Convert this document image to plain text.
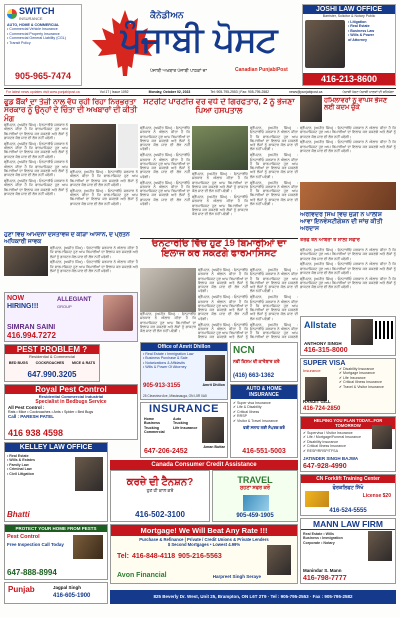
SWITCH
INSURANCE
AUTO, HOME & COMMERCIAL
• Commercial Vehicle Insurance
• Commercial Property Insurance
• Commercial General Liability (CGL)
• Transit Policy
905-965-7474
ਕੈਨੇਡੀਅਨ
ਪੰਜਾਬੀ ਪੋਸਟ
ਪੰਜਾਬੀ ਅਖ਼ਬਾਰ ਪੰਜਾਬੀ ਪਾਠਕਾਂ ਦਾ	Canadian PunjabiPost
JOSHI LAW OFFICE
Barrister, Solicitor & Notary Public
• Litigation
• Real Estate
• Business Law
• Wills & Power
of Attorney
416-213-8600
For latest news updates visit www.punjabipost.ca	Vol 17 | Issue 1092	Monday, October 02, 2023	Tel: 905-795-2553 | Fax: 905-795-2582	news@punjabipost.ca	ਪੰਜਾਬੀ ਪੋਸਟ ਪੰਜਾਬੀ ਪਾਠਕਾਂ ਦੀ ਸਹਿਯੋਗਾ
ਫੂਡ ਬੈਂਕਾਂ ਦਾ ਤੇਜ਼ੀ ਨਾਲ ਵੱਧ ਰਹੀ ਰਿਹਾ ਨਿਰਭਰਤਾ ਸਰਕਾਰ ਨੂੰ ਉਨ੍ਹਾਂ ਦੇ ਚਿੰਤਾ ਦੀ ਅਖਬਾਰਾਂ ਦੀ ਕੀਤੀ ਮੰਗ

ਬ੍ਰੈਂਪਟਨ, (ਅਜੀਤ ਸਿੰਘ) : ਓਨਟਾਰੀਓ ਸਰਕਾਰ ਨੇ ਐਲਾਨ ਕੀਤਾ ਹੈ ਕਿ ਫਾਰਮਾਸਿਸਟ ਹੁਣ ਆਮ ਬਿਮਾਰੀਆਂ ਦਾ ਇਲਾਜ ਕਰ ਸਕਣਗੇ ਅਤੇ ਲੋਕਾਂ ਨੂੰ ਡਾਕਟਰ ਕੋਲ ਜਾਣ ਦੀ ਲੋੜ ਨਹੀਂ ਪਵੇਗੀ।

ਬ੍ਰੈਂਪਟਨ, (ਅਜੀਤ ਸਿੰਘ) : ਓਨਟਾਰੀਓ ਸਰਕਾਰ ਨੇ ਐਲਾਨ ਕੀਤਾ ਹੈ ਕਿ ਫਾਰਮਾਸਿਸਟ ਹੁਣ ਆਮ ਬਿਮਾਰੀਆਂ ਦਾ ਇਲਾਜ ਕਰ ਸਕਣਗੇ ਅਤੇ ਲੋਕਾਂ ਨੂੰ ਡਾਕਟਰ ਕੋਲ ਜਾਣ ਦੀ ਲੋੜ ਨਹੀਂ ਪਵੇਗੀ।

ਬ੍ਰੈਂਪਟਨ, (ਅਜੀਤ ਸਿੰਘ) : ਓਨਟਾਰੀਓ ਸਰਕਾਰ ਨੇ ਐਲਾਨ ਕੀਤਾ ਹੈ ਕਿ ਫਾਰਮਾਸਿਸਟ ਹੁਣ ਆਮ ਬਿਮਾਰੀਆਂ ਦਾ ਇਲਾਜ ਕਰ ਸਕਣਗੇ ਅਤੇ ਲੋਕਾਂ ਨੂੰ ਡਾਕਟਰ ਕੋਲ ਜਾਣ ਦੀ ਲੋੜ ਨਹੀਂ ਪਵੇਗੀ।

ਬ੍ਰੈਂਪਟਨ, (ਅਜੀਤ ਸਿੰਘ) : ਓਨਟਾਰੀਓ ਸਰਕਾਰ ਨੇ ਐਲਾਨ ਕੀਤਾ ਹੈ ਕਿ ਫਾਰਮਾਸਿਸਟ ਹੁਣ ਆਮ ਬਿਮਾਰੀਆਂ ਦਾ ਇਲਾਜ ਕਰ ਸਕਣਗੇ ਅਤੇ ਲੋਕਾਂ ਨੂੰ ਡਾਕਟਰ ਕੋਲ ਜਾਣ ਦੀ ਲੋੜ ਨਹੀਂ ਪਵੇਗੀ।

ਬ੍ਰੈਂਪਟਨ, (ਅਜੀਤ ਸਿੰਘ) : ਓਨਟਾਰੀਓ ਸਰਕਾਰ ਨੇ ਐਲਾਨ ਕੀਤਾ ਹੈ ਕਿ ਫਾਰਮਾਸਿਸਟ ਹੁਣ ਆਮ ਬਿਮਾਰੀਆਂ ਦਾ ਇਲਾਜ ਕਰ ਸਕਣਗੇ ਅਤੇ ਲੋਕਾਂ ਨੂੰ ਡਾਕਟਰ ਕੋਲ ਜਾਣ ਦੀ ਲੋੜ ਨਹੀਂ ਪਵੇਗੀ।

ਬ੍ਰੈਂਪਟਨ, (ਅਜੀਤ ਸਿੰਘ) : ਓਨਟਾਰੀਓ ਸਰਕਾਰ ਨੇ ਐਲਾਨ ਕੀਤਾ ਹੈ ਕਿ ਫਾਰਮਾਸਿਸਟ ਹੁਣ ਆਮ ਬਿਮਾਰੀਆਂ ਦਾ ਇਲਾਜ ਕਰ ਸਕਣਗੇ ਅਤੇ ਲੋਕਾਂ ਨੂੰ ਡਾਕਟਰ ਕੋਲ ਜਾਣ ਦੀ ਲੋੜ ਨਹੀਂ ਪਵੇਗੀ।

ਹੁਣਾਂ ਵਿੱਚ ਆਮਦਨਾਂ ਦਸਤਾਵੇਜ਼ ਦੇ ਕੀੜਾ ਆਸਾਨ, ਦੇ ਪ੍ਰਤਨ ਅਧਿਕਾਰੀ ਜਾਵਕ

ਬ੍ਰੈਂਪਟਨ, (ਅਜੀਤ ਸਿੰਘ) : ਓਨਟਾਰੀਓ ਸਰਕਾਰ ਨੇ ਐਲਾਨ ਕੀਤਾ ਹੈ ਕਿ ਫਾਰਮਾਸਿਸਟ ਹੁਣ ਆਮ ਬਿਮਾਰੀਆਂ ਦਾ ਇਲਾਜ ਕਰ ਸਕਣਗੇ ਅਤੇ ਲੋਕਾਂ ਨੂੰ ਡਾਕਟਰ ਕੋਲ ਜਾਣ ਦੀ ਲੋੜ ਨਹੀਂ ਪਵੇਗੀ।

ਬ੍ਰੈਂਪਟਨ, (ਅਜੀਤ ਸਿੰਘ) : ਓਨਟਾਰੀਓ ਸਰਕਾਰ ਨੇ ਐਲਾਨ ਕੀਤਾ ਹੈ ਕਿ ਫਾਰਮਾਸਿਸਟ ਹੁਣ ਆਮ ਬਿਮਾਰੀਆਂ ਦਾ ਇਲਾਜ ਕਰ ਸਕਣਗੇ ਅਤੇ ਲੋਕਾਂ ਨੂੰ ਡਾਕਟਰ ਕੋਲ ਜਾਣ ਦੀ ਲੋੜ ਨਹੀਂ ਪਵੇਗੀ।

ਸਟਰੀਟ ਪਾਰਟੀਜ਼ ਵਰ ਵਧੇ ਦੇ ਗਿਰਫਤਾਰ, 2 ਨੂੰ ਭੇਜਣਾ ਪਿਆ ਹਸਪਤਾਲ

ਬ੍ਰੈਂਪਟਨ, (ਅਜੀਤ ਸਿੰਘ) : ਓਨਟਾਰੀਓ ਸਰਕਾਰ ਨੇ ਐਲਾਨ ਕੀਤਾ ਹੈ ਕਿ ਫਾਰਮਾਸਿਸਟ ਹੁਣ ਆਮ ਬਿਮਾਰੀਆਂ ਦਾ ਇਲਾਜ ਕਰ ਸਕਣਗੇ ਅਤੇ ਲੋਕਾਂ ਨੂੰ ਡਾਕਟਰ ਕੋਲ ਜਾਣ ਦੀ ਲੋੜ ਨਹੀਂ ਪਵੇਗੀ।

ਬ੍ਰੈਂਪਟਨ, (ਅਜੀਤ ਸਿੰਘ) : ਓਨਟਾਰੀਓ ਸਰਕਾਰ ਨੇ ਐਲਾਨ ਕੀਤਾ ਹੈ ਕਿ ਫਾਰਮਾਸਿਸਟ ਹੁਣ ਆਮ ਬਿਮਾਰੀਆਂ ਦਾ ਇਲਾਜ ਕਰ ਸਕਣਗੇ ਅਤੇ ਲੋਕਾਂ ਨੂੰ ਡਾਕਟਰ ਕੋਲ ਜਾਣ ਦੀ ਲੋੜ ਨਹੀਂ ਪਵੇਗੀ।

ਬ੍ਰੈਂਪਟਨ, (ਅਜੀਤ ਸਿੰਘ) : ਓਨਟਾਰੀਓ ਸਰਕਾਰ ਨੇ ਐਲਾਨ ਕੀਤਾ ਹੈ ਕਿ ਫਾਰਮਾਸਿਸਟ ਹੁਣ ਆਮ ਬਿਮਾਰੀਆਂ ਦਾ ਇਲਾਜ ਕਰ ਸਕਣਗੇ ਅਤੇ ਲੋਕਾਂ ਨੂੰ ਡਾਕਟਰ ਕੋਲ ਜਾਣ ਦੀ ਲੋੜ ਨਹੀਂ ਪਵੇਗੀ।

ਬ੍ਰੈਂਪਟਨ, (ਅਜੀਤ ਸਿੰਘ) : ਓਨਟਾਰੀਓ ਸਰਕਾਰ ਨੇ ਐਲਾਨ ਕੀਤਾ ਹੈ ਕਿ ਫਾਰਮਾਸਿਸਟ ਹੁਣ ਆਮ ਬਿਮਾਰੀਆਂ ਦਾ ਇਲਾਜ ਕਰ ਸਕਣਗੇ ਅਤੇ ਲੋਕਾਂ ਨੂੰ ਡਾਕਟਰ ਕੋਲ ਜਾਣ ਦੀ ਲੋੜ ਨਹੀਂ ਪਵੇਗੀ।

ਬ੍ਰੈਂਪਟਨ, (ਅਜੀਤ ਸਿੰਘ) : ਓਨਟਾਰੀਓ ਸਰਕਾਰ ਨੇ ਐਲਾਨ ਕੀਤਾ ਹੈ ਕਿ ਫਾਰਮਾਸਿਸਟ ਹੁਣ ਆਮ ਬਿਮਾਰੀਆਂ ਦਾ ਇਲਾਜ ਕਰ ਸਕਣਗੇ ਅਤੇ ਲੋਕਾਂ ਨੂੰ ਡਾਕਟਰ ਕੋਲ ਜਾਣ ਦੀ ਲੋੜ ਨਹੀਂ ਪਵੇਗੀ।

ਬ੍ਰੈਂਪਟਨ, (ਅਜੀਤ ਸਿੰਘ) : ਓਨਟਾਰੀਓ ਸਰਕਾਰ ਨੇ ਐਲਾਨ ਕੀਤਾ ਹੈ ਕਿ ਫਾਰਮਾਸਿਸਟ ਹੁਣ ਆਮ ਬਿਮਾਰੀਆਂ ਦਾ ਇਲਾਜ ਕਰ ਸਕਣਗੇ ਅਤੇ ਲੋਕਾਂ ਨੂੰ ਡਾਕਟਰ ਕੋਲ ਜਾਣ ਦੀ ਲੋੜ ਨਹੀਂ ਪਵੇਗੀ।

ਬ੍ਰੈਂਪਟਨ, (ਅਜੀਤ ਸਿੰਘ) : ਓਨਟਾਰੀਓ ਸਰਕਾਰ ਨੇ ਐਲਾਨ ਕੀਤਾ ਹੈ ਕਿ ਫਾਰਮਾਸਿਸਟ ਹੁਣ ਆਮ ਬਿਮਾਰੀਆਂ ਦਾ ਇਲਾਜ ਕਰ ਸਕਣਗੇ ਅਤੇ ਲੋਕਾਂ ਨੂੰ ਡਾਕਟਰ ਕੋਲ ਜਾਣ ਦੀ ਲੋੜ ਨਹੀਂ ਪਵੇਗੀ।

ਬ੍ਰੈਂਪਟਨ, (ਅਜੀਤ ਸਿੰਘ) : ਓਨਟਾਰੀਓ ਸਰਕਾਰ ਨੇ ਐਲਾਨ ਕੀਤਾ ਹੈ ਕਿ ਫਾਰਮਾਸਿਸਟ ਹੁਣ ਆਮ ਬਿਮਾਰੀਆਂ ਦਾ ਇਲਾਜ ਕਰ ਸਕਣਗੇ ਅਤੇ ਲੋਕਾਂ ਨੂੰ ਡਾਕਟਰ ਕੋਲ ਜਾਣ ਦੀ ਲੋੜ ਨਹੀਂ ਪਵੇਗੀ।

ਹਮਿਲਾਵਰਾਂ ਨੂੰ ਵਾਪਸ ਭੇਜਣ ਲਈ ਕਦਮ ਚੁੱਕੇ

ਬ੍ਰੈਂਪਟਨ, (ਅਜੀਤ ਸਿੰਘ) : ਓਨਟਾਰੀਓ ਸਰਕਾਰ ਨੇ ਐਲਾਨ ਕੀਤਾ ਹੈ ਕਿ ਫਾਰਮਾਸਿਸਟ ਹੁਣ ਆਮ ਬਿਮਾਰੀਆਂ ਦਾ ਇਲਾਜ ਕਰ ਸਕਣਗੇ ਅਤੇ ਲੋਕਾਂ ਨੂੰ ਡਾਕਟਰ ਕੋਲ ਜਾਣ ਦੀ ਲੋੜ ਨਹੀਂ ਪਵੇਗੀ।

ਬ੍ਰੈਂਪਟਨ, (ਅਜੀਤ ਸਿੰਘ) : ਓਨਟਾਰੀਓ ਸਰਕਾਰ ਨੇ ਐਲਾਨ ਕੀਤਾ ਹੈ ਕਿ ਫਾਰਮਾਸਿਸਟ ਹੁਣ ਆਮ ਬਿਮਾਰੀਆਂ ਦਾ ਇਲਾਜ ਕਰ ਸਕਣਗੇ ਅਤੇ ਲੋਕਾਂ ਨੂੰ ਡਾਕਟਰ ਕੋਲ ਜਾਣ ਦੀ ਲੋੜ ਨਹੀਂ ਪਵੇਗੀ।

ਓਨਟਾਰੀਓ ਵਿੱਚ ਹੁਣ 19 ਬਿਮਾਰੀਆਂ ਦਾ ਇਲਾਜ ਕਰ ਸਕਣਗੇ ਫਾਰਮਾਸਿਸਟ

ਬ੍ਰੈਂਪਟਨ, (ਅਜੀਤ ਸਿੰਘ) : ਓਨਟਾਰੀਓ ਸਰਕਾਰ ਨੇ ਐਲਾਨ ਕੀਤਾ ਹੈ ਕਿ ਫਾਰਮਾਸਿਸਟ ਹੁਣ ਆਮ ਬਿਮਾਰੀਆਂ ਦਾ ਇਲਾਜ ਕਰ ਸਕਣਗੇ ਅਤੇ ਲੋਕਾਂ ਨੂੰ ਡਾਕਟਰ ਕੋਲ ਜਾਣ ਦੀ ਲੋੜ ਨਹੀਂ ਪਵੇਗੀ।

ਬ੍ਰੈਂਪਟਨ, (ਅਜੀਤ ਸਿੰਘ) : ਓਨਟਾਰੀਓ ਸਰਕਾਰ ਨੇ ਐਲਾਨ ਕੀਤਾ ਹੈ ਕਿ ਫਾਰਮਾਸਿਸਟ ਹੁਣ ਆਮ ਬਿਮਾਰੀਆਂ ਦਾ ਇਲਾਜ ਕਰ ਸਕਣਗੇ ਅਤੇ ਲੋਕਾਂ ਨੂੰ ਡਾਕਟਰ ਕੋਲ ਜਾਣ ਦੀ ਲੋੜ ਨਹੀਂ ਪਵੇਗੀ।

ਬ੍ਰੈਂਪਟਨ, (ਅਜੀਤ ਸਿੰਘ) : ਓਨਟਾਰੀਓ ਸਰਕਾਰ ਨੇ ਐਲਾਨ ਕੀਤਾ ਹੈ ਕਿ ਫਾਰਮਾਸਿਸਟ ਹੁਣ ਆਮ ਬਿਮਾਰੀਆਂ ਦਾ ਇਲਾਜ ਕਰ ਸਕਣਗੇ ਅਤੇ ਲੋਕਾਂ ਨੂੰ

ਬ੍ਰੈਂਪਟਨ, (ਅਜੀਤ ਸਿੰਘ) : ਓਨਟਾਰੀਓ ਸਰਕਾਰ ਨੇ ਐਲਾਨ ਕੀਤਾ ਹੈ ਕਿ ਫਾਰਮਾਸਿਸਟ ਹੁਣ ਆਮ ਬਿਮਾਰੀਆਂ ਦਾ ਇਲਾਜ ਕਰ ਸਕਣਗੇ ਅਤੇ ਲੋਕਾਂ ਨੂੰ ਡਾਕਟਰ ਕੋਲ ਜਾਣ ਦੀ ਲੋੜ ਨਹੀਂ ਪਵੇਗੀ।

ਬ੍ਰੈਂਪਟਨ, (ਅਜੀਤ ਸਿੰਘ) : ਓਨਟਾਰੀਓ ਸਰਕਾਰ ਨੇ ਐਲਾਨ ਕੀਤਾ ਹੈ ਕਿ ਫਾਰਮਾਸਿਸਟ ਹੁਣ ਆਮ ਬਿਮਾਰੀਆਂ ਦਾ ਇਲਾਜ ਕਰ ਸਕਣਗੇ ਅਤੇ ਲੋਕਾਂ ਨੂੰ ਡਾਕਟਰ ਕੋਲ ਜਾਣ ਦੀ ਲੋੜ ਨਹੀਂ ਪਵੇਗੀ।

ਬ੍ਰੈਂਪਟਨ, (ਅਜੀਤ ਸਿੰਘ) : ਓਨਟਾਰੀਓ ਸਰਕਾਰ ਨੇ ਐਲਾਨ ਕੀਤਾ ਹੈ ਕਿ ਫਾਰਮਾਸਿਸਟ ਹੁਣ ਆਮ ਬਿਮਾਰੀਆਂ ਦਾ ਇਲਾਜ ਕਰ ਸਕਣਗੇ

ਬ੍ਰੈਂਪਟਨ, (ਅਜੀਤ ਸਿੰਘ) : ਓਨਟਾਰੀਓ ਸਰਕਾਰ ਨੇ ਐਲਾਨ ਕੀਤਾ ਹੈ ਕਿ ਫਾਰਮਾਸਿਸਟ ਹੁਣ ਆਮ ਬਿਮਾਰੀਆਂ ਦਾ ਇਲਾਜ ਕਰ ਸਕਣਗੇ ਅਤੇ ਲੋਕਾਂ ਨੂੰ ਡਾਕਟਰ ਕੋਲ ਜਾਣ ਦੀ ਲੋੜ ਨਹੀਂ ਪਵੇਗੀ।

ਅਰਵਿੰਦਰ ਸਿੰਘ ਵਿੱਚ ਜੁੜੀ ਨੇ ਪਾਲੀਸ਼ ਆਵਾ ਇਨਵੇਸਟੀਗੇਸ਼ਨ ਦੀ ਜਾਂਚ ਕੀਤੀ ਅਰਦਾਸ
ਤਰਫ ਤਨ ਆਬਰਾਂ ਤੋਂ ਸਾਲੀ ਸਫਾਰ

ਬ੍ਰੈਂਪਟਨ, (ਅਜੀਤ ਸਿੰਘ) : ਓਨਟਾਰੀਓ ਸਰਕਾਰ ਨੇ ਐਲਾਨ ਕੀਤਾ ਹੈ ਕਿ ਫਾਰਮਾਸਿਸਟ ਹੁਣ ਆਮ ਬਿਮਾਰੀਆਂ ਦਾ ਇਲਾਜ ਕਰ ਸਕਣਗੇ ਅਤੇ ਲੋਕਾਂ ਨੂੰ ਡਾਕਟਰ ਕੋਲ ਜਾਣ ਦੀ ਲੋੜ ਨਹੀਂ ਪਵੇਗੀ।

ਬ੍ਰੈਂਪਟਨ, (ਅਜੀਤ ਸਿੰਘ) : ਓਨਟਾਰੀਓ ਸਰਕਾਰ ਨੇ ਐਲਾਨ ਕੀਤਾ ਹੈ ਕਿ ਫਾਰਮਾਸਿਸਟ ਹੁਣ ਆਮ ਬਿਮਾਰੀਆਂ ਦਾ ਇਲਾਜ ਕਰ ਸਕਣਗੇ ਅਤੇ ਲੋਕਾਂ ਨੂੰ ਡਾਕਟਰ ਕੋਲ ਜਾਣ ਦੀ ਲੋੜ ਨਹੀਂ ਪਵੇਗੀ।

ਬ੍ਰੈਂਪਟਨ, (ਅਜੀਤ ਸਿੰਘ) : ਓਨਟਾਰੀਓ ਸਰਕਾਰ ਨੇ ਐਲਾਨ ਕੀਤਾ ਹੈ ਕਿ ਫਾਰਮਾਸਿਸਟ ਹੁਣ ਆਮ ਬਿਮਾਰੀਆਂ ਦਾ ਇਲਾਜ ਕਰ ਸਕਣਗੇ ਅਤੇ ਲੋਕਾਂ ਨੂੰ ਡਾਕਟਰ ਕੋਲ ਜਾਣ ਦੀ ਲੋੜ ਨਹੀਂ ਪਵੇਗੀ।

NOW
HIRING!!!
ALLEGIANT
GROUP
SIMRAN SAINI
416.994.7272
Allstate
ANTHONY SINGH
416-315-8000
PEST PROBLEM ?
Residential & Commercial
BED BUGS COCKROACHES MICE & RATS
647.990.3205
Office of Amrit Dhillon
• Real Estate • Immigration Law
• Business Purchase & Sale
• Notarizations & Affidavits
• Wills & Power Of Attorney
905-913-3155	Amrit Dhillon
25 Clearview Ave, Mississauga, ON L5R 0A5
NCN
ਨਵੀਂ ਕਿਸਮ ਦੀ ਕਾਰੋਬਾਰ ਕਰੋ
(416) 663-1362
SUPER VISA
Insurance	✔ Disability Insurance
✔ Mortgage Insurance
✔ Life Insurance
✔ Critical Illness Insurance
✔ Travel & Visitor Insurance
RANJIT GILL
416-724-2850
Royal Pest Control
Residential Commercial Industrial
Specialist in Bedbugs Service
All Pest Control :
Rats • Mice • Cockroaches • Ants • Spider • Bed Bugs
Call : PARESH PATEL
416 938 4598
INSURANCE
Home
Business
Trucking
Commercial
Auto
Trucking
Life Insurance
Aman Buttar
647-206-2452
AUTO & HOME INSURANCE
✔ Super visa Insurance
✔ Life & Disability
✔ Critical Illness
✔ RRSP
✔ Visitor & Travel Insurance
ਫਰੀ ਸਲਾਹ ਲਈ ਸੰਪਰਕ ਕਰੋ
416-551-5003
HELPING YOU PLAN TODAY...FOR TOMORROW
✔ Supervisa / Visitor Insurance
✔ Life / Mortgage/Funeral Insurance
✔ Disability Insurance
✔ Critical Illness Insurance
✔ RESP/RRSP/TFSA
JATINDER SINGH BAJWA
647-928-4990
KELLEY LAW OFFICE
• Real Estate
• Wills & Estates
• Family Law
• Criminal Law
• Civil Litigation
Bhatti
Canada Consumer Credit Assistance
ਕਰਜ਼ੇ ਦੀ ਟੈਨਸ਼ਨ?
ਹੁਣ ਹੀ ਕਾਲ ਕਰੋ
416-502-3100
TRAVEL
ਸੁਹਣਾ ਸਫਰ ਕਰੋ
905-459-1905
CN Forklift Training Center
ਫੋਰਕਲਿਫਟ ਸਿੱਖੋ
License $20
416-524-5555
PROTECT YOUR HOME FROM PESTS
Pest Control
Free Inspection Call Today
647-888-8994
Mortgage! We Will Beat Any Rate !!!
Purchase & Refinance | Private / Credit Unions & Private Lenders
$ Second Mortgages • Lowest 4.99%
Tel: 416-848-4118 905-216-5563
Avon Financial	Harpreet Singh Seraye
MANN LAW FIRM
Real Estate • Wills
Business • Immigration
Corporate • Notary
Manindar S. Mann
416-798-7777
Punjab	Jagpal Singh
416-605-1900	825 Beverly Dr. West, Unit 25, Brampton, ON L6T 2T9 · Tel : 905-795-2553 · Fax : 905-795-2582
